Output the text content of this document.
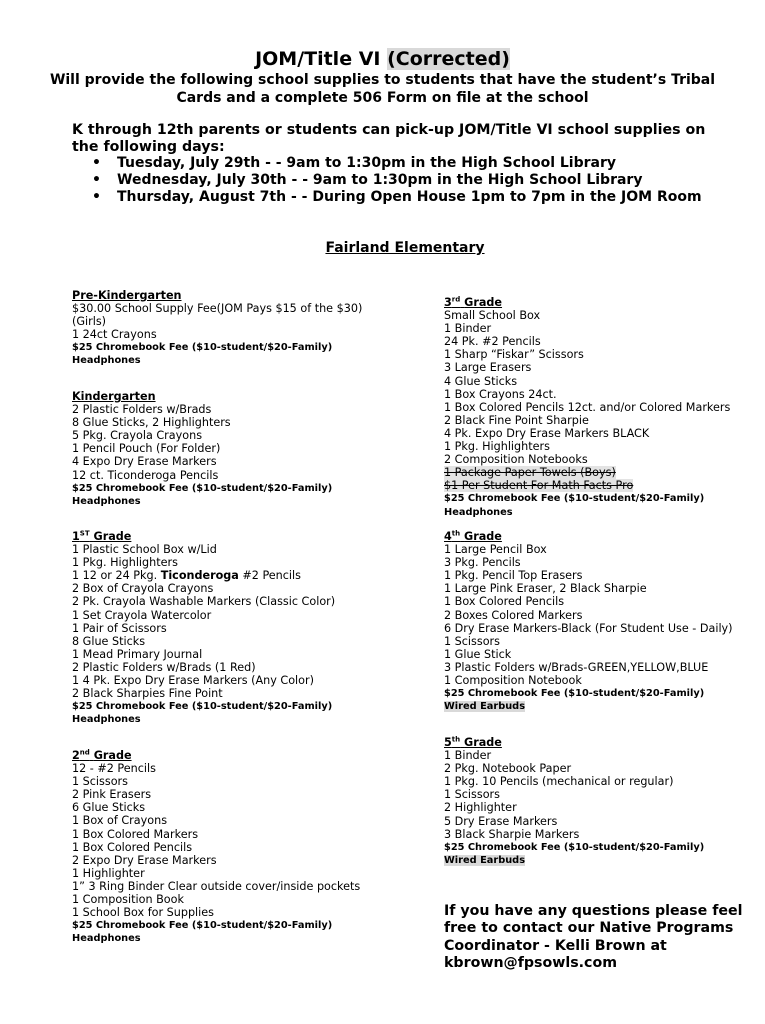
JOM/Title VI (Corrected)
Will provide the following school supplies to students that have the student’s Tribal Cards and a complete 506 Form on file at the school
K through 12th parents or students can pick-up JOM/Title VI school supplies on the following days:
• Tuesday, July 29th - - 9am to 1:30pm in the High School Library
• Wednesday, July 30th - - 9am to 1:30pm in the High School Library
• Thursday, August 7th - - During Open House 1pm to 7pm in the JOM Room
Fairland Elementary
Pre-Kindergarten
$30.00 School Supply Fee(JOM Pays $15 of the $30)
(Girls)
1 24ct Crayons
$25 Chromebook Fee ($10-student/$20-Family)
Headphones
Kindergarten
2 Plastic Folders w/Brads
8 Glue Sticks, 2 Highlighters
5 Pkg. Crayola Crayons
1 Pencil Pouch (For Folder)
4 Expo Dry Erase Markers
12 ct. Ticonderoga Pencils
$25 Chromebook Fee ($10-student/$20-Family)
Headphones
1ST Grade
1 Plastic School Box w/Lid
1 Pkg. Highlighters
1 12 or 24 Pkg. Ticonderoga #2 Pencils
2 Box of Crayola Crayons
2 Pk. Crayola Washable Markers (Classic Color)
1 Set Crayola Watercolor
1 Pair of Scissors
8 Glue Sticks
1 Mead Primary Journal
2 Plastic Folders w/Brads (1 Red)
1 4 Pk. Expo Dry Erase Markers (Any Color)
2 Black Sharpies Fine Point
$25 Chromebook Fee ($10-student/$20-Family)
Headphones
2nd Grade
12 - #2 Pencils
1 Scissors
2 Pink Erasers
6 Glue Sticks
1 Box of Crayons
1 Box Colored Markers
1 Box Colored Pencils
2 Expo Dry Erase Markers
1 Highlighter
1” 3 Ring Binder Clear outside cover/inside pockets
1 Composition Book
1 School Box for Supplies
$25 Chromebook Fee ($10-student/$20-Family)
Headphones
3rd Grade
Small School Box
1 Binder
24 Pk. #2 Pencils
1 Sharp “Fiskar” Scissors
3 Large Erasers
4 Glue Sticks
1 Box Crayons 24ct.
1 Box Colored Pencils 12ct. and/or Colored Markers
2 Black Fine Point Sharpie
4 Pk. Expo Dry Erase Markers BLACK
1 Pkg. Highlighters
2 Composition Notebooks
1 Package Paper Towels (Boys)
$1 Per Student For Math Facts Pro
$25 Chromebook Fee ($10-student/$20-Family)
Headphones
4th Grade
1 Large Pencil Box
3 Pkg. Pencils
1 Pkg. Pencil Top Erasers
1 Large Pink Eraser, 2 Black Sharpie
1 Box Colored Pencils
2 Boxes Colored Markers
6 Dry Erase Markers-Black (For Student Use - Daily)
1 Scissors
1 Glue Stick
3 Plastic Folders w/Brads-GREEN,YELLOW,BLUE
1 Composition Notebook
$25 Chromebook Fee ($10-student/$20-Family)
Wired Earbuds
5th Grade
1 Binder
2 Pkg. Notebook Paper
1 Pkg. 10 Pencils (mechanical or regular)
1 Scissors
2 Highlighter
5 Dry Erase Markers
3 Black Sharpie Markers
$25 Chromebook Fee ($10-student/$20-Family)
Wired Earbuds
If you have any questions please feel free to contact our Native Programs Coordinator - Kelli Brown at kbrown@fpsowls.com
